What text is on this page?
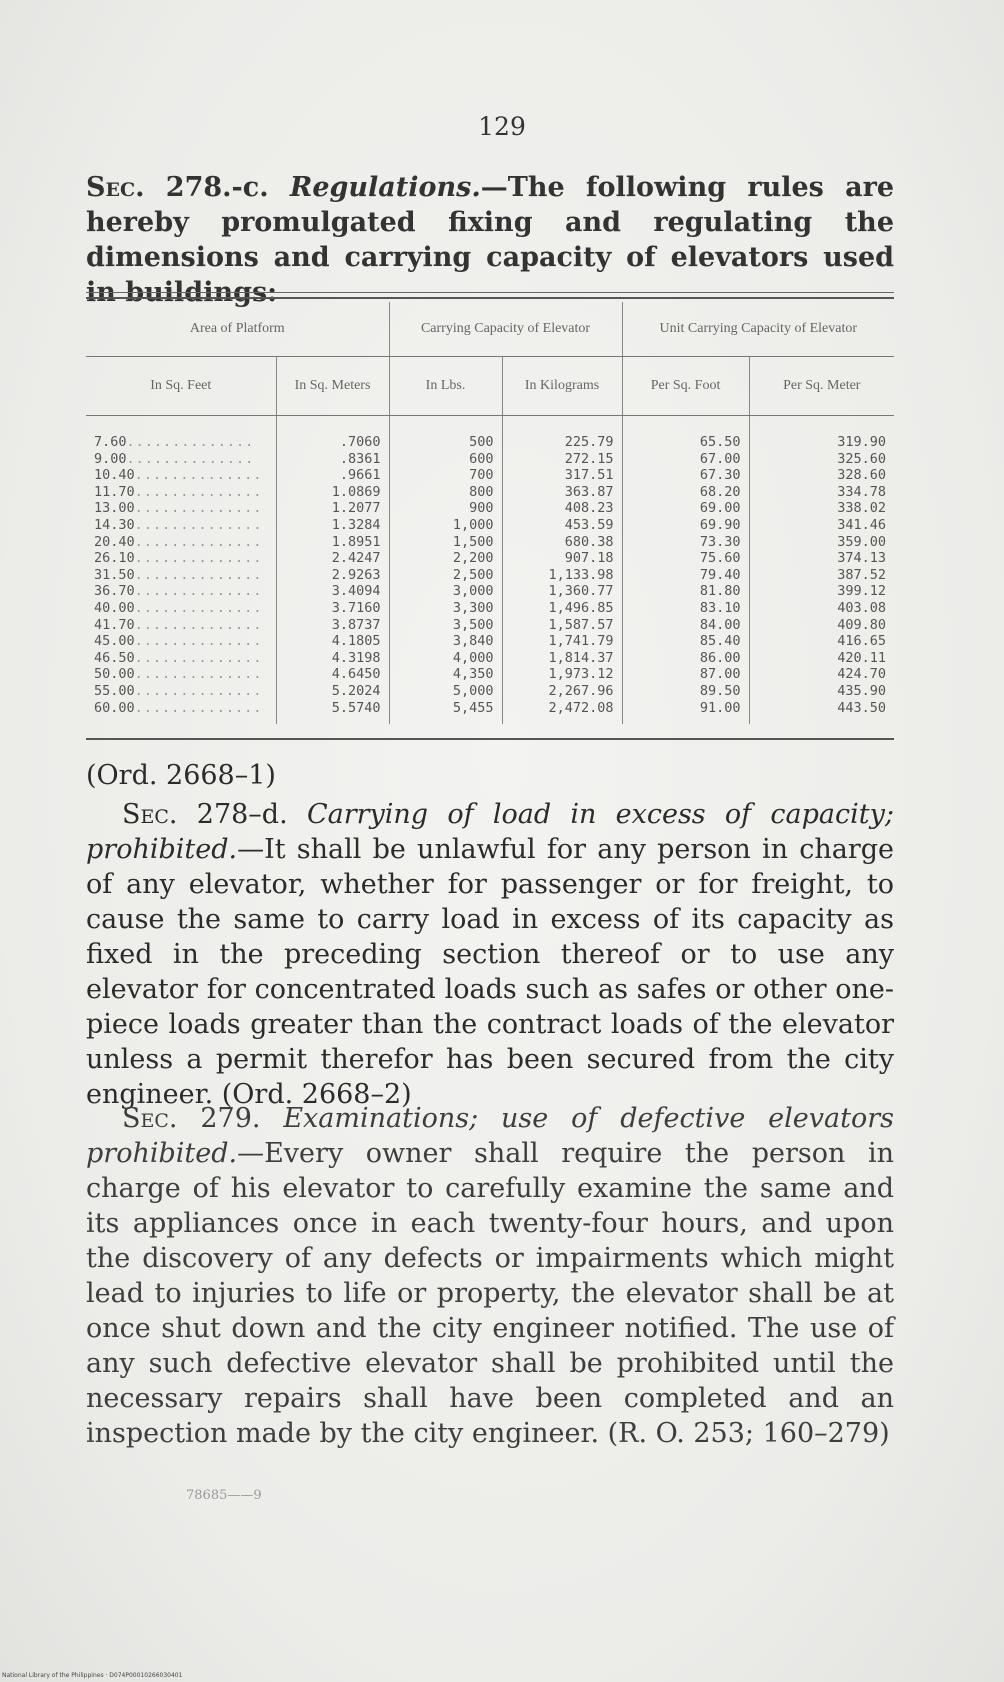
129

Sec. 278.-c. Regulations.—The following rules are hereby promulgated fixing and regulating the dimensions and carrying capacity of elevators used in buildings:

Area of Platform		Carrying Capacity of Elevator		Unit Carrying Capacity of Elevator	
In Sq. Feet	In Sq. Meters	In Lbs.	In Kilograms	Per Sq. Foot	Per Sq. Meter
7.60..............	.7060	500	225.79	65.50	319.90
9.00..............	.8361	600	272.15	67.00	325.60
10.40..............	.9661	700	317.51	67.30	328.60
11.70..............	1.0869	800	363.87	68.20	334.78
13.00..............	1.2077	900	408.23	69.00	338.02
14.30..............	1.3284	1,000	453.59	69.90	341.46
20.40..............	1.8951	1,500	680.38	73.30	359.00
26.10..............	2.4247	2,200	907.18	75.60	374.13
31.50..............	2.9263	2,500	1,133.98	79.40	387.52
36.70..............	3.4094	3,000	1,360.77	81.80	399.12
40.00..............	3.7160	3,300	1,496.85	83.10	403.08
41.70..............	3.8737	3,500	1,587.57	84.00	409.80
45.00..............	4.1805	3,840	1,741.79	85.40	416.65
46.50..............	4.3198	4,000	1,814.37	86.00	420.11
50.00..............	4.6450	4,350	1,973.12	87.00	424.70
55.00..............	5.2024	5,000	2,267.96	89.50	435.90
60.00..............	5.5740	5,455	2,472.08	91.00	443.50

(Ord. 2668–1)

Sec. 278–d. Carrying of load in excess of capacity; prohibited.—It shall be unlawful for any person in charge of any elevator, whether for passenger or for freight, to cause the same to carry load in excess of its capacity as fixed in the preceding section thereof or to use any elevator for concentrated loads such as safes or other one-piece loads greater than the contract loads of the elevator unless a permit therefor has been secured from the city engineer. (Ord. 2668–2)

Sec. 279. Examinations; use of defective elevators prohibited.—Every owner shall require the person in charge of his elevator to carefully examine the same and its appliances once in each twenty-four hours, and upon the discovery of any defects or impairments which might lead to injuries to life or property, the elevator shall be at once shut down and the city engineer notified. The use of any such defective elevator shall be prohibited until the necessary repairs shall have been completed and an inspection made by the city engineer. (R. O. 253; 160–279)

78685——9
National Library of the Philippines · D074P00010266030401
